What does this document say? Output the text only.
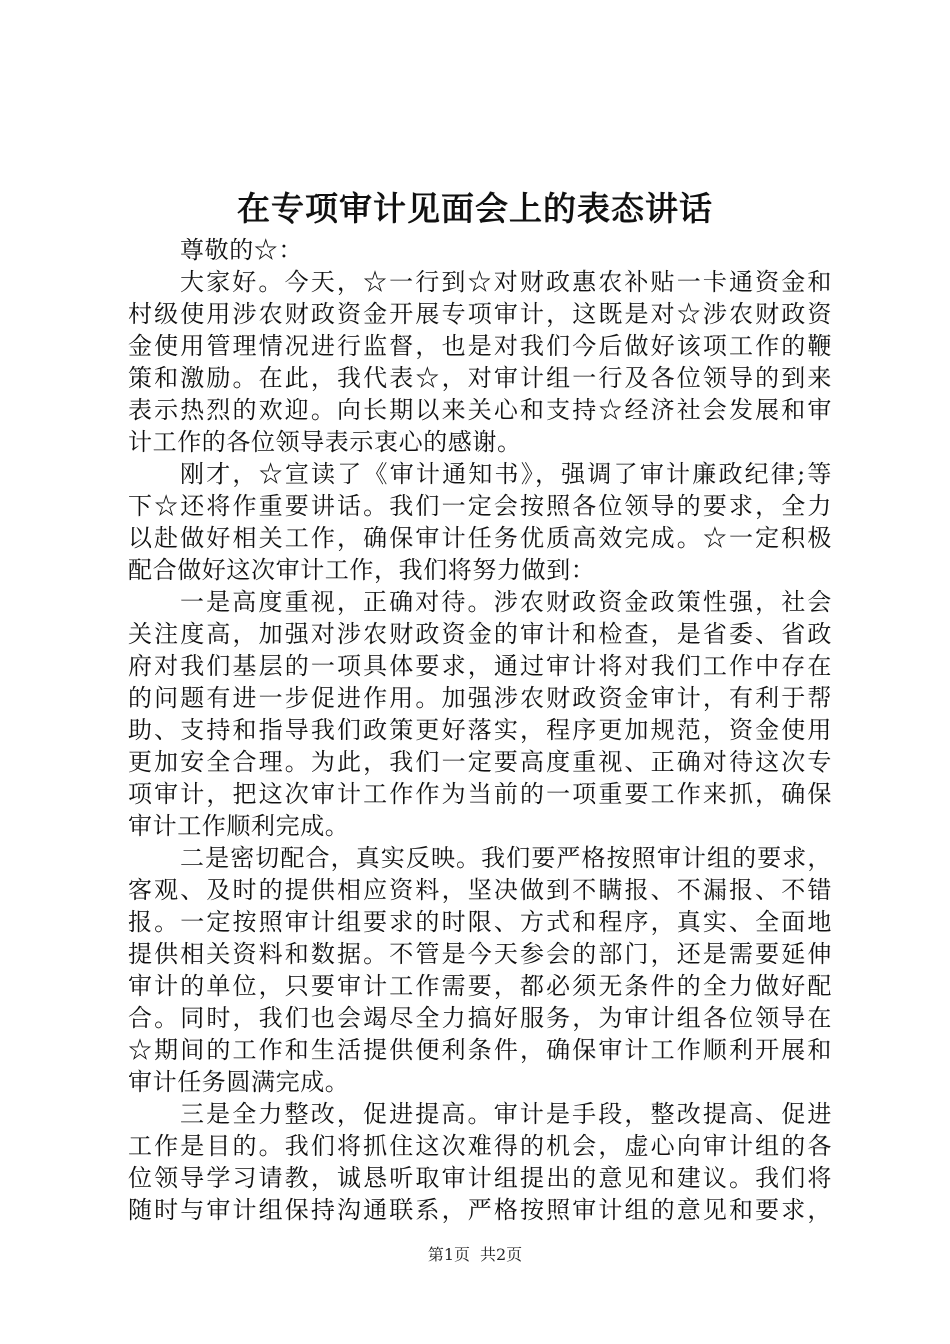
在专项审计见面会上的表态讲话
尊敬的☆：
大家好。今天，☆一行到☆对财政惠农补贴一卡通资金和
村级使用涉农财政资金开展专项审计，这既是对☆涉农财政资
金使用管理情况进行监督，也是对我们今后做好该项工作的鞭
策和激励。在此，我代表☆，对审计组一行及各位领导的到来
表示热烈的欢迎。向长期以来关心和支持☆经济社会发展和审
计工作的各位领导表示衷心的感谢。
刚才，☆宣读了《审计通知书》，强调了审计廉政纪律;等
下☆还将作重要讲话。我们一定会按照各位领导的要求，全力
以赴做好相关工作，确保审计任务优质高效完成。☆一定积极
配合做好这次审计工作，我们将努力做到：
一是高度重视，正确对待。涉农财政资金政策性强，社会
关注度高，加强对涉农财政资金的审计和检查，是省委、省政
府对我们基层的一项具体要求，通过审计将对我们工作中存在
的问题有进一步促进作用。加强涉农财政资金审计，有利于帮
助、支持和指导我们政策更好落实，程序更加规范，资金使用
更加安全合理。为此，我们一定要高度重视、正确对待这次专
项审计，把这次审计工作作为当前的一项重要工作来抓，确保
审计工作顺利完成。
二是密切配合，真实反映。我们要严格按照审计组的要求，
客观、及时的提供相应资料，坚决做到不瞒报、不漏报、不错
报。一定按照审计组要求的时限、方式和程序，真实、全面地
提供相关资料和数据。不管是今天参会的部门，还是需要延伸
审计的单位，只要审计工作需要，都必须无条件的全力做好配
合。同时，我们也会竭尽全力搞好服务，为审计组各位领导在
☆期间的工作和生活提供便利条件，确保审计工作顺利开展和
审计任务圆满完成。
三是全力整改，促进提高。审计是手段，整改提高、促进
工作是目的。我们将抓住这次难得的机会，虚心向审计组的各
位领导学习请教，诚恳听取审计组提出的意见和建议。我们将
随时与审计组保持沟通联系，严格按照审计组的意见和要求，
第1页 共2页
